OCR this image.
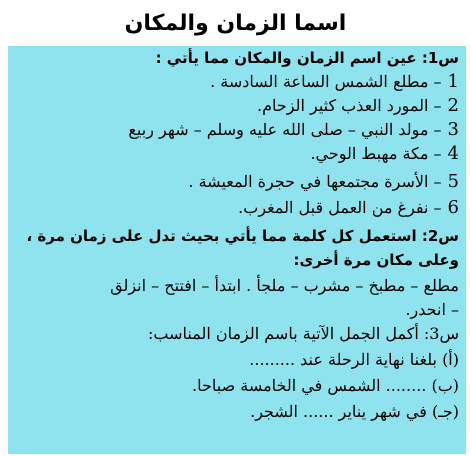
اسما الزمان والمكان
س1: عين اسم الزمان والمكان مما يأتي :
1– مطلع الشمس الساعة السادسة .
2– المورد العذب كثير الزحام.
3– مولد النبي – صلى الله عليه وسلم – شهر ربيع
4– مكة مهبط الوحي.
5– الأسرة مجتمعها في حجرة المعيشة .
6– نفرغ من العمل قبل المغرب.
س2: استعمل كل كلمة مما يأتي بحيث تدل على زمان مرة ،
وعلى مكان مرة أخرى:
مطلع – مطبخ – مشرب – ملجأ . ابتدأ – افتتح – انزلق
– انحدر.
س3: أكمل الجمل الآتية باسم الزمان المناسب:
(أ) بلغنا نهاية الرحلة عند .........
(ب) ........ الشمس في الخامسة صباحا.
(جـ) في شهر يناير ...... الشجر.
